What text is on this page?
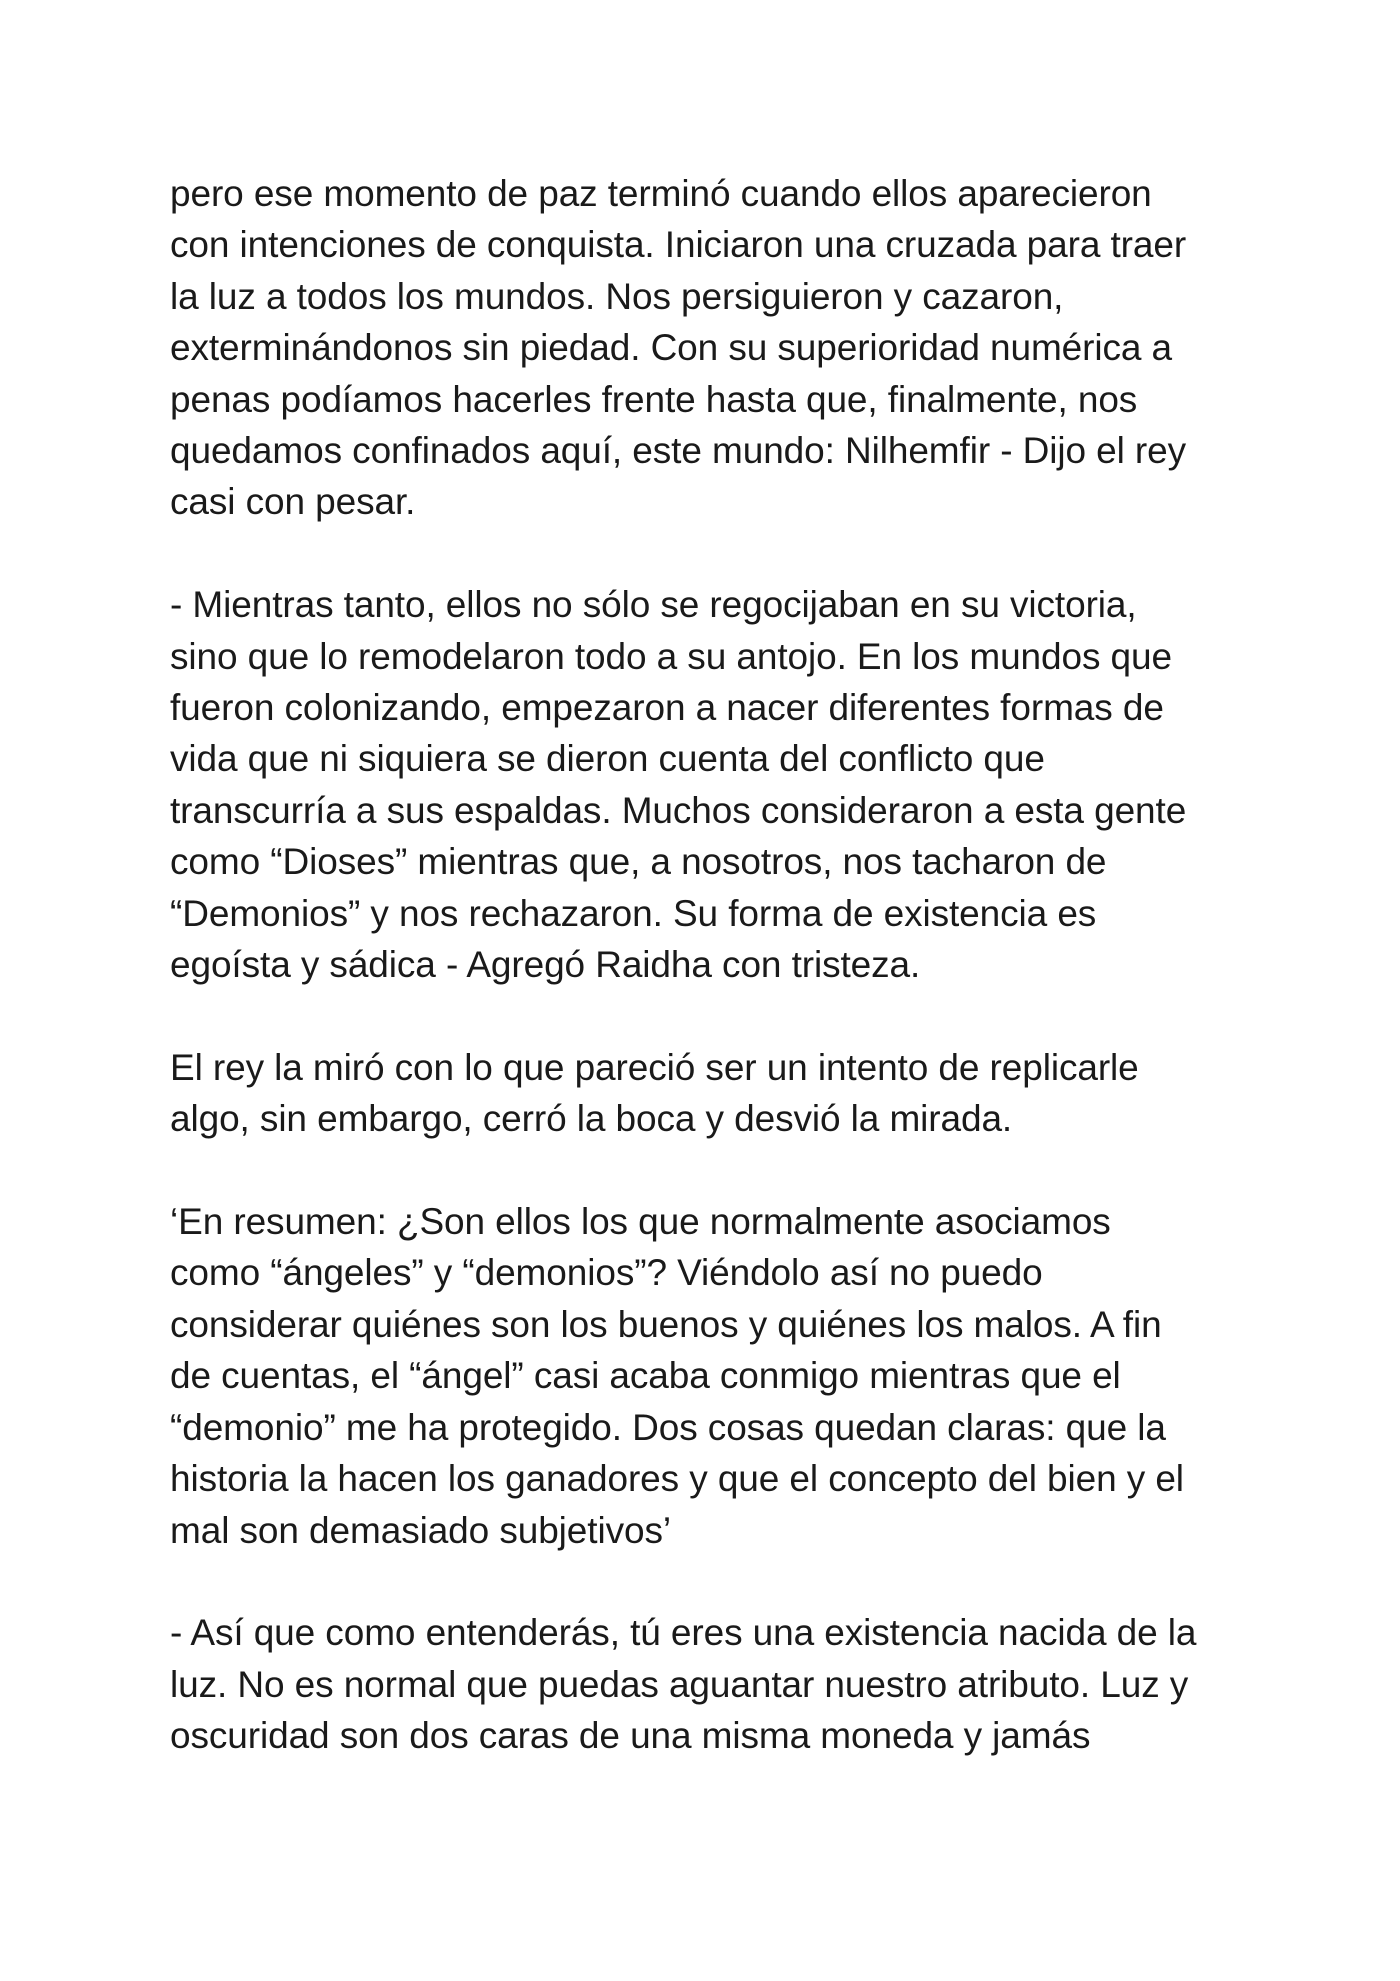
pero ese momento de paz terminó cuando ellos aparecieron
con intenciones de conquista. Iniciaron una cruzada para traer
la luz a todos los mundos. Nos persiguieron y cazaron,
exterminándonos sin piedad. Con su superioridad numérica a
penas podíamos hacerles frente hasta que, finalmente, nos
quedamos confinados aquí, este mundo: Nilhemfir - Dijo el rey
casi con pesar.

- Mientras tanto, ellos no sólo se regocijaban en su victoria,
sino que lo remodelaron todo a su antojo. En los mundos que
fueron colonizando, empezaron a nacer diferentes formas de
vida que ni siquiera se dieron cuenta del conflicto que
transcurría a sus espaldas. Muchos consideraron a esta gente
como “Dioses” mientras que, a nosotros, nos tacharon de
“Demonios” y nos rechazaron. Su forma de existencia es
egoísta y sádica - Agregó Raidha con tristeza.

El rey la miró con lo que pareció ser un intento de replicarle
algo, sin embargo, cerró la boca y desvió la mirada.

‘En resumen: ¿Son ellos los que normalmente asociamos
como “ángeles” y “demonios”? Viéndolo así no puedo
considerar quiénes son los buenos y quiénes los malos. A fin
de cuentas, el “ángel” casi acaba conmigo mientras que el
“demonio” me ha protegido. Dos cosas quedan claras: que la
historia la hacen los ganadores y que el concepto del bien y el
mal son demasiado subjetivos’

- Así que como entenderás, tú eres una existencia nacida de la
luz. No es normal que puedas aguantar nuestro atributo. Luz y
oscuridad son dos caras de una misma moneda y jamás
